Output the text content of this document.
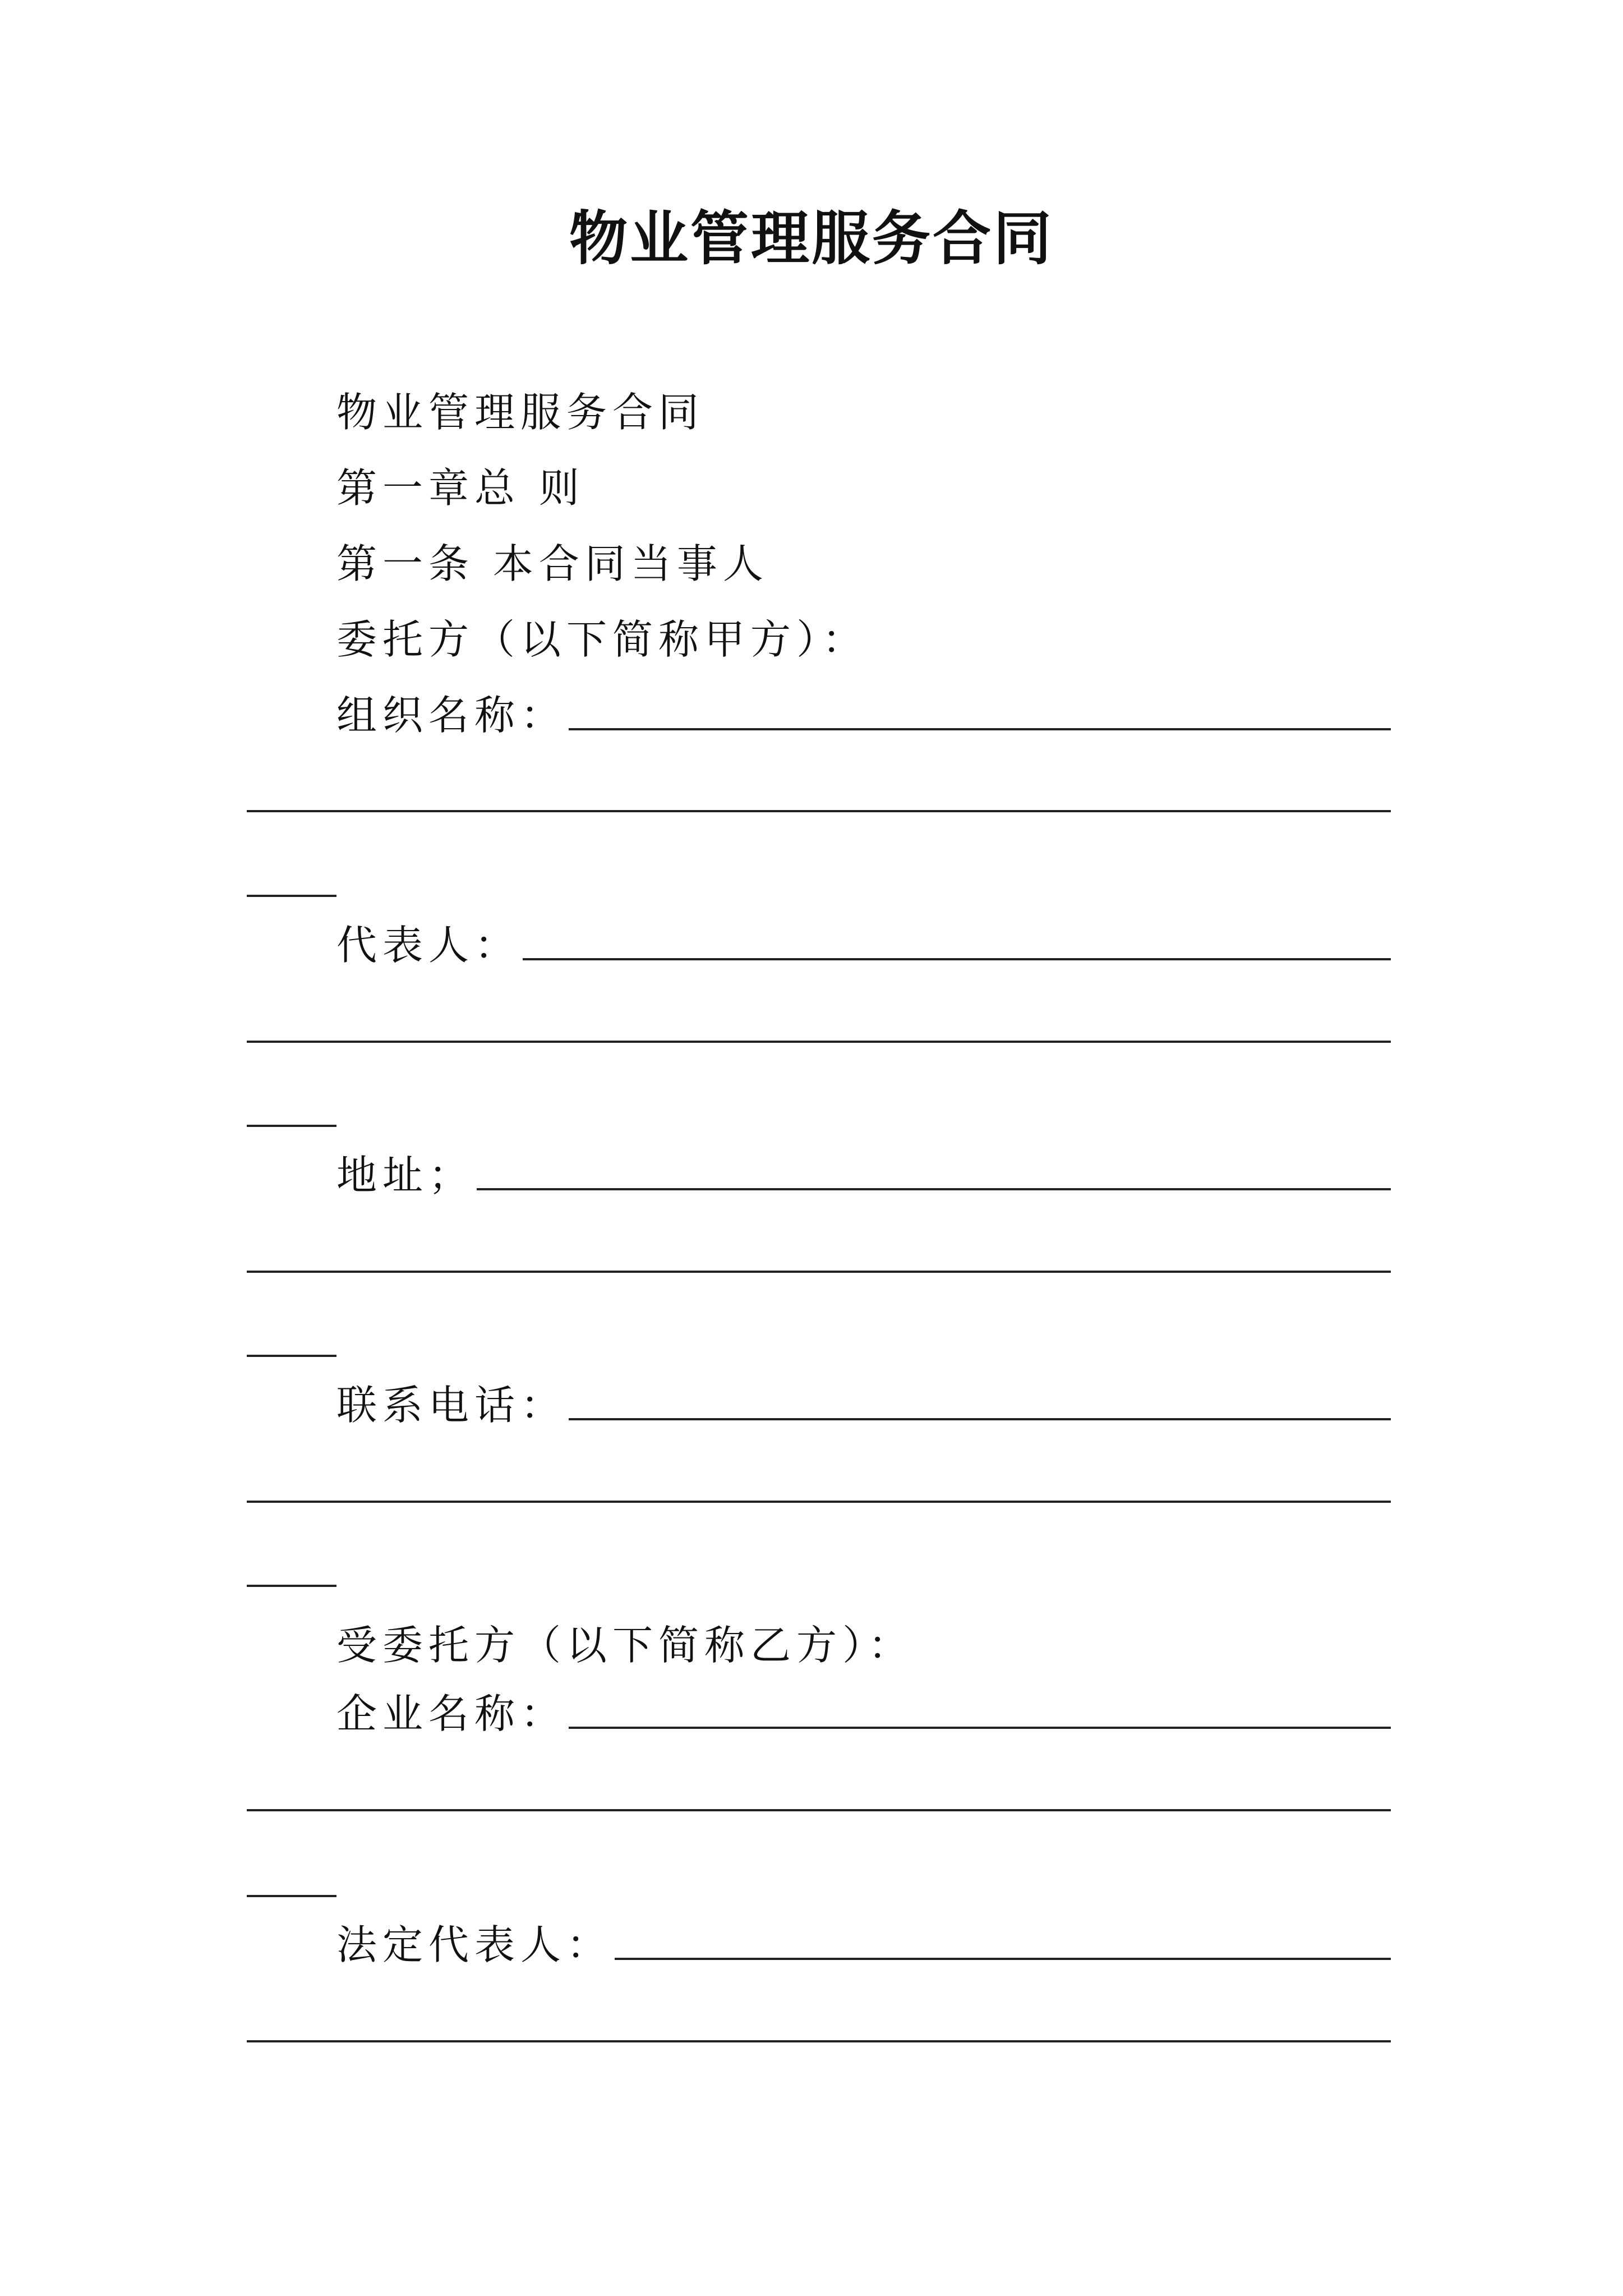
物业管理服务合同
物业管理服务合同
第一章总 则
第一条 本合同当事人
委托方（以下简称甲方）：
组织名称：
代表人：
地址；
联系电话：
受委托方（以下简称乙方）：
企业名称：
法定代表人：
